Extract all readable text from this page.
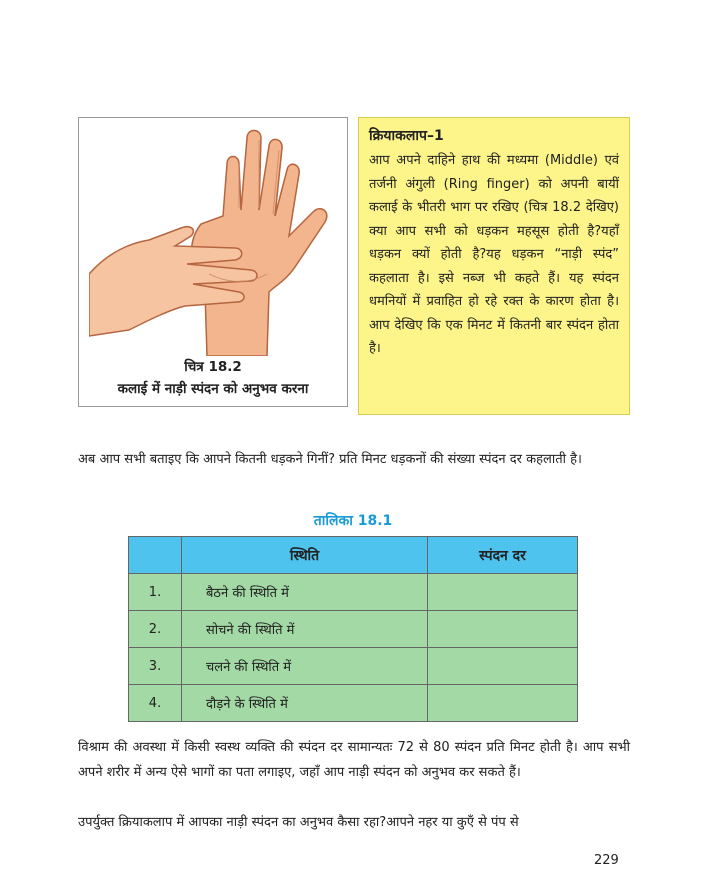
चित्र 18.2
कलाई में नाड़ी स्पंदन को अनुभव करना
क्रियाकलाप–1
आप अपने दाहिने हाथ की मध्यमा (Middle) एवं तर्जनी अंगुली (Ring finger) को अपनी बायीं कलाई के भीतरी भाग पर रखिए (चित्र 18.2 देखिए) क्या आप सभी को धड़कन महसूस होती है?यहाँ धड़कन क्यों होती है?यह धड़कन “नाड़ी स्पंद” कहलाता है। इसे नब्ज भी कहते हैं। यह स्पंदन धमनियों में प्रवाहित हो रहे रक्त के कारण होता है। आप देखिए कि एक मिनट में कितनी बार स्पंदन होता है।
अब आप सभी बताइए कि आपने कितनी धड़कने गिनीं? प्रति मिनट धड़कनों की संख्या स्पंदन दर कहलाती है।
तालिका 18.1
	स्थिति	स्पंदन दर
1.	बैठने की स्थिति में	
2.	सोचने की स्थिति में	
3.	चलने की स्थिति में	
4.	दौड़ने के स्थिति में	
विश्राम की अवस्था में किसी स्वस्थ व्यक्ति की स्पंदन दर सामान्यतः 72 से 80 स्पंदन प्रति मिनट होती है। आप सभी अपने शरीर में अन्य ऐसे भागों का पता लगाइए, जहाँ आप नाड़ी स्पंदन को अनुभव कर सकते हैं।
उपर्युक्त क्रियाकलाप में आपका नाड़ी स्पंदन का अनुभव कैसा रहा?आपने नहर या कुएँ से पंप से
229
